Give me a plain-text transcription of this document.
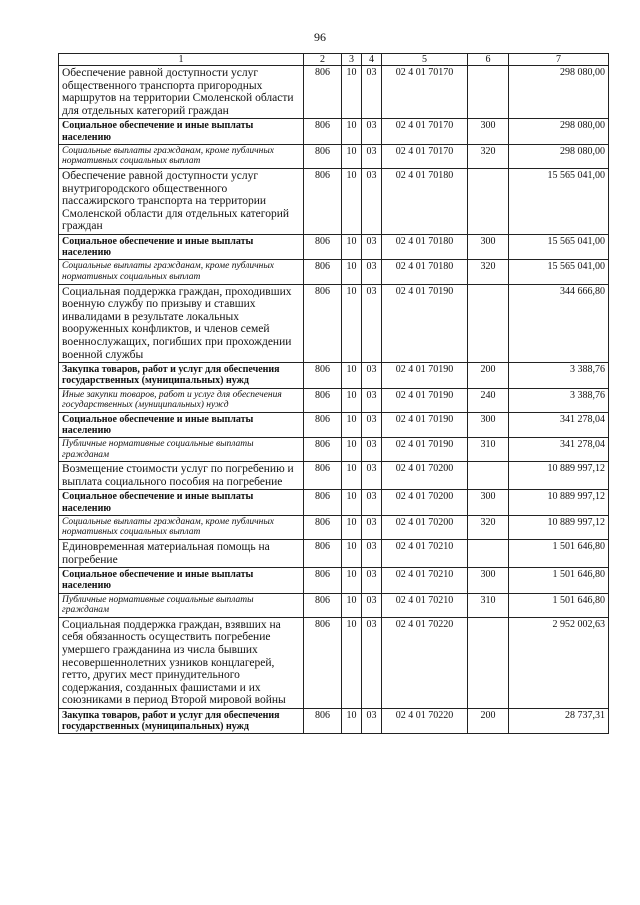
96
1	2	3	4	5	6	7
Обеспечение равной доступности услуг общественного транспорта пригородных маршрутов на территории Смоленской области для отдельных категорий граждан	806	10	03	02 4 01 70170		298 080,00
Социальное обеспечение и иные выплаты населению	806	10	03	02 4 01 70170	300	298 080,00
Социальные выплаты гражданам, кроме публичных нормативных социальных выплат	806	10	03	02 4 01 70170	320	298 080,00
Обеспечение равной доступности услуг внутригородского общественного пассажирского транспорта на территории Смоленской области для отдельных категорий граждан	806	10	03	02 4 01 70180		15 565 041,00
Социальное обеспечение и иные выплаты населению	806	10	03	02 4 01 70180	300	15 565 041,00
Социальные выплаты гражданам, кроме публичных нормативных социальных выплат	806	10	03	02 4 01 70180	320	15 565 041,00
Социальная поддержка граждан, проходивших военную службу по призыву и ставших инвалидами в результате локальных вооруженных конфликтов, и членов семей военнослужащих, погибших при прохождении военной службы	806	10	03	02 4 01 70190		344 666,80
Закупка товаров, работ и услуг для обеспечения государственных (муниципальных) нужд	806	10	03	02 4 01 70190	200	3 388,76
Иные закупки товаров, работ и услуг для обеспечения государственных (муниципальных) нужд	806	10	03	02 4 01 70190	240	3 388,76
Социальное обеспечение и иные выплаты населению	806	10	03	02 4 01 70190	300	341 278,04
Публичные нормативные социальные выплаты гражданам	806	10	03	02 4 01 70190	310	341 278,04
Возмещение стоимости услуг по погребению и выплата социального пособия на погребение	806	10	03	02 4 01 70200		10 889 997,12
Социальное обеспечение и иные выплаты населению	806	10	03	02 4 01 70200	300	10 889 997,12
Социальные выплаты гражданам, кроме публичных нормативных социальных выплат	806	10	03	02 4 01 70200	320	10 889 997,12
Единовременная материальная помощь на погребение	806	10	03	02 4 01 70210		1 501 646,80
Социальное обеспечение и иные выплаты населению	806	10	03	02 4 01 70210	300	1 501 646,80
Публичные нормативные социальные выплаты гражданам	806	10	03	02 4 01 70210	310	1 501 646,80
Социальная поддержка граждан, взявших на себя обязанность осуществить погребение умершего гражданина из числа бывших несовершеннолетних узников концлагерей, гетто, других мест принудительного содержания, созданных фашистами и их союзниками в период Второй мировой войны	806	10	03	02 4 01 70220		2 952 002,63
Закупка товаров, работ и услуг для обеспечения государственных (муниципальных) нужд	806	10	03	02 4 01 70220	200	28 737,31
